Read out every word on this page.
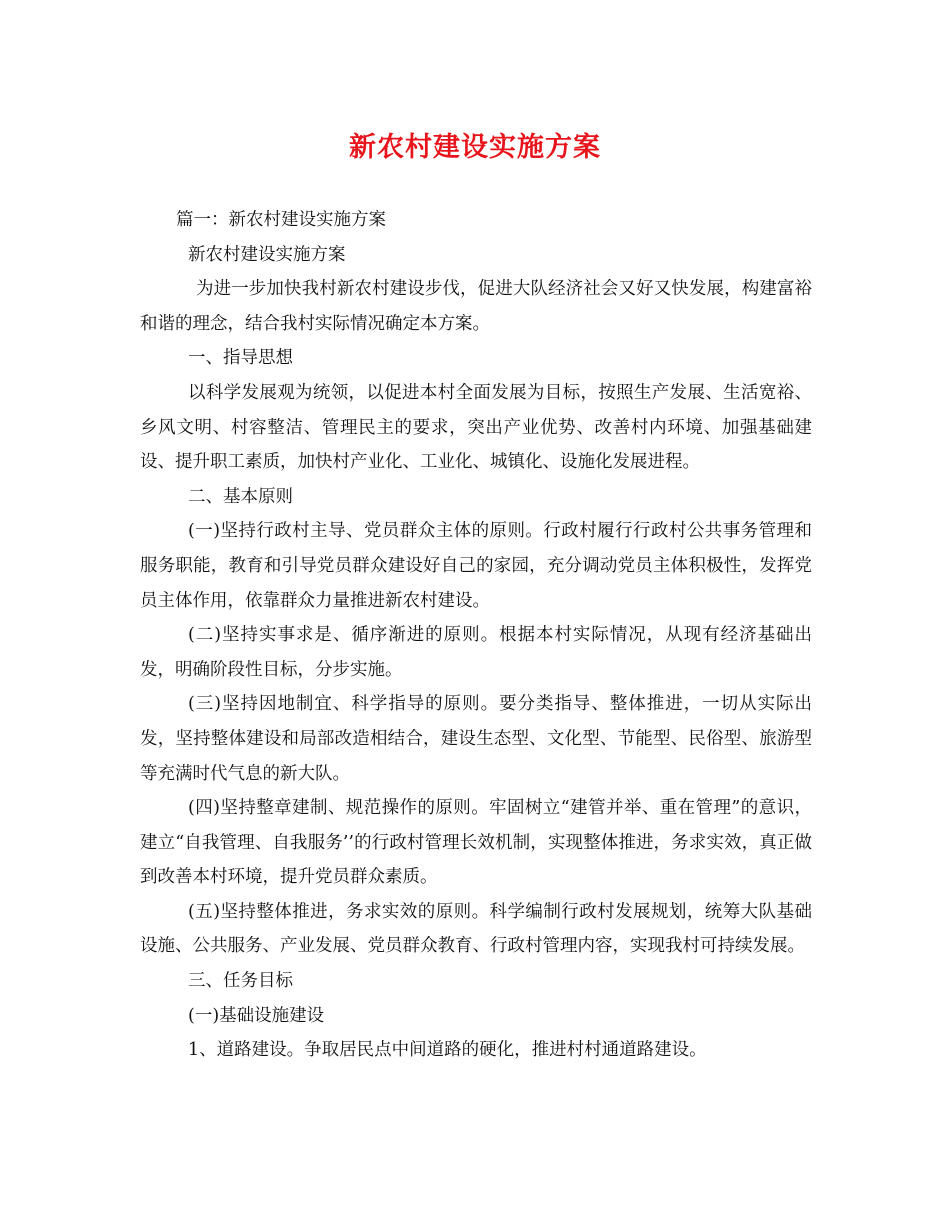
新农村建设实施方案

篇一：新农村建设实施方案

新农村建设实施方案

为进一步加快我村新农村建设步伐，促进大队经济社会又好又快发展，构建富裕和谐的理念，结合我村实际情况确定本方案。

一、指导思想

以科学发展观为统领，以促进本村全面发展为目标，按照生产发展、生活宽裕、乡风文明、村容整洁、管理民主的要求，突出产业优势、改善村内环境、加强基础建设、提升职工素质，加快村产业化、工业化、城镇化、设施化发展进程。

二、基本原则

(一)坚持行政村主导、党员群众主体的原则。行政村履行行政村公共事务管理和服务职能，教育和引导党员群众建设好自己的家园，充分调动党员主体积极性，发挥党员主体作用，依靠群众力量推进新农村建设。

(二)坚持实事求是、循序渐进的原则。根据本村实际情况，从现有经济基础出发，明确阶段性目标，分步实施。

(三)坚持因地制宜、科学指导的原则。要分类指导、整体推进，一切从实际出发，坚持整体建设和局部改造相结合，建设生态型、文化型、节能型、民俗型、旅游型等充满时代气息的新大队。

(四)坚持整章建制、规范操作的原则。牢固树立“建管并举、重在管理”的意识，建立“自我管理、自我服务’’的行政村管理长效机制，实现整体推进，务求实效，真正做到改善本村环境，提升党员群众素质。

(五)坚持整体推进，务求实效的原则。科学编制行政村发展规划，统筹大队基础设施、公共服务、产业发展、党员群众教育、行政村管理内容，实现我村可持续发展。

三、任务目标

(一)基础设施建设

1、道路建设。争取居民点中间道路的硬化，推进村村通道路建设。
